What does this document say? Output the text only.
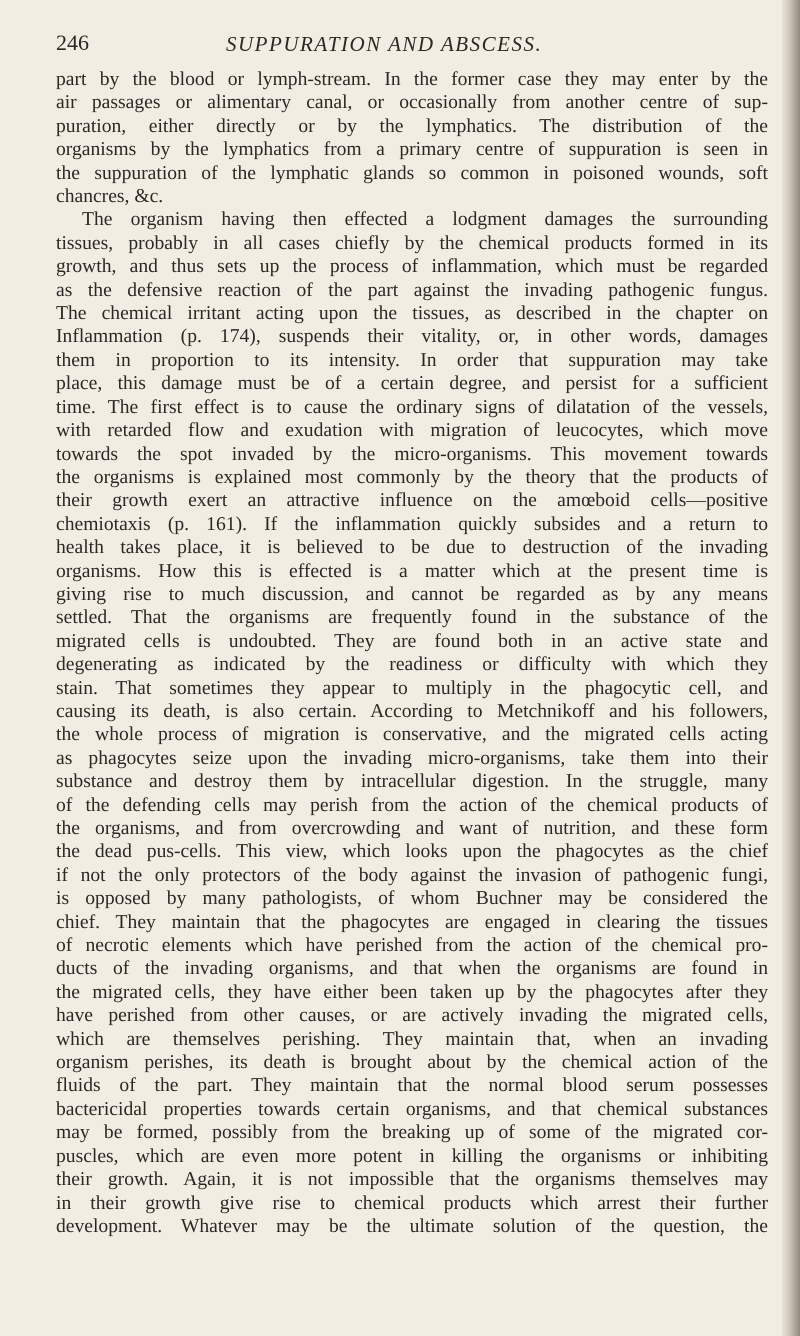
246	SUPPURATION AND ABSCESS.
part by the blood or lymph-stream. In the former case they may enter by the
air passages or alimentary canal, or occasionally from another centre of sup-
puration, either directly or by the lymphatics. The distribution of the
organisms by the lymphatics from a primary centre of suppuration is seen in
the suppuration of the lymphatic glands so common in poisoned wounds, soft
chancres, &c.
The organism having then effected a lodgment damages the surrounding
tissues, probably in all cases chiefly by the chemical products formed in its
growth, and thus sets up the process of inflammation, which must be regarded
as the defensive reaction of the part against the invading pathogenic fungus.
The chemical irritant acting upon the tissues, as described in the chapter on
Inflammation (p. 174), suspends their vitality, or, in other words, damages
them in proportion to its intensity. In order that suppuration may take
place, this damage must be of a certain degree, and persist for a sufficient
time. The first effect is to cause the ordinary signs of dilatation of the vessels,
with retarded flow and exudation with migration of leucocytes, which move
towards the spot invaded by the micro-organisms. This movement towards
the organisms is explained most commonly by the theory that the products of
their growth exert an attractive influence on the amœboid cells—positive
chemiotaxis (p. 161). If the inflammation quickly subsides and a return to
health takes place, it is believed to be due to destruction of the invading
organisms. How this is effected is a matter which at the present time is
giving rise to much discussion, and cannot be regarded as by any means
settled. That the organisms are frequently found in the substance of the
migrated cells is undoubted. They are found both in an active state and
degenerating as indicated by the readiness or difficulty with which they
stain. That sometimes they appear to multiply in the phagocytic cell, and
causing its death, is also certain. According to Metchnikoff and his followers,
the whole process of migration is conservative, and the migrated cells acting
as phagocytes seize upon the invading micro-organisms, take them into their
substance and destroy them by intracellular digestion. In the struggle, many
of the defending cells may perish from the action of the chemical products of
the organisms, and from overcrowding and want of nutrition, and these form
the dead pus-cells. This view, which looks upon the phagocytes as the chief
if not the only protectors of the body against the invasion of pathogenic fungi,
is opposed by many pathologists, of whom Buchner may be considered the
chief. They maintain that the phagocytes are engaged in clearing the tissues
of necrotic elements which have perished from the action of the chemical pro-
ducts of the invading organisms, and that when the organisms are found in
the migrated cells, they have either been taken up by the phagocytes after they
have perished from other causes, or are actively invading the migrated cells,
which are themselves perishing. They maintain that, when an invading
organism perishes, its death is brought about by the chemical action of the
fluids of the part. They maintain that the normal blood serum possesses
bactericidal properties towards certain organisms, and that chemical substances
may be formed, possibly from the breaking up of some of the migrated cor-
puscles, which are even more potent in killing the organisms or inhibiting
their growth. Again, it is not impossible that the organisms themselves may
in their growth give rise to chemical products which arrest their further
development. Whatever may be the ultimate solution of the question, the
